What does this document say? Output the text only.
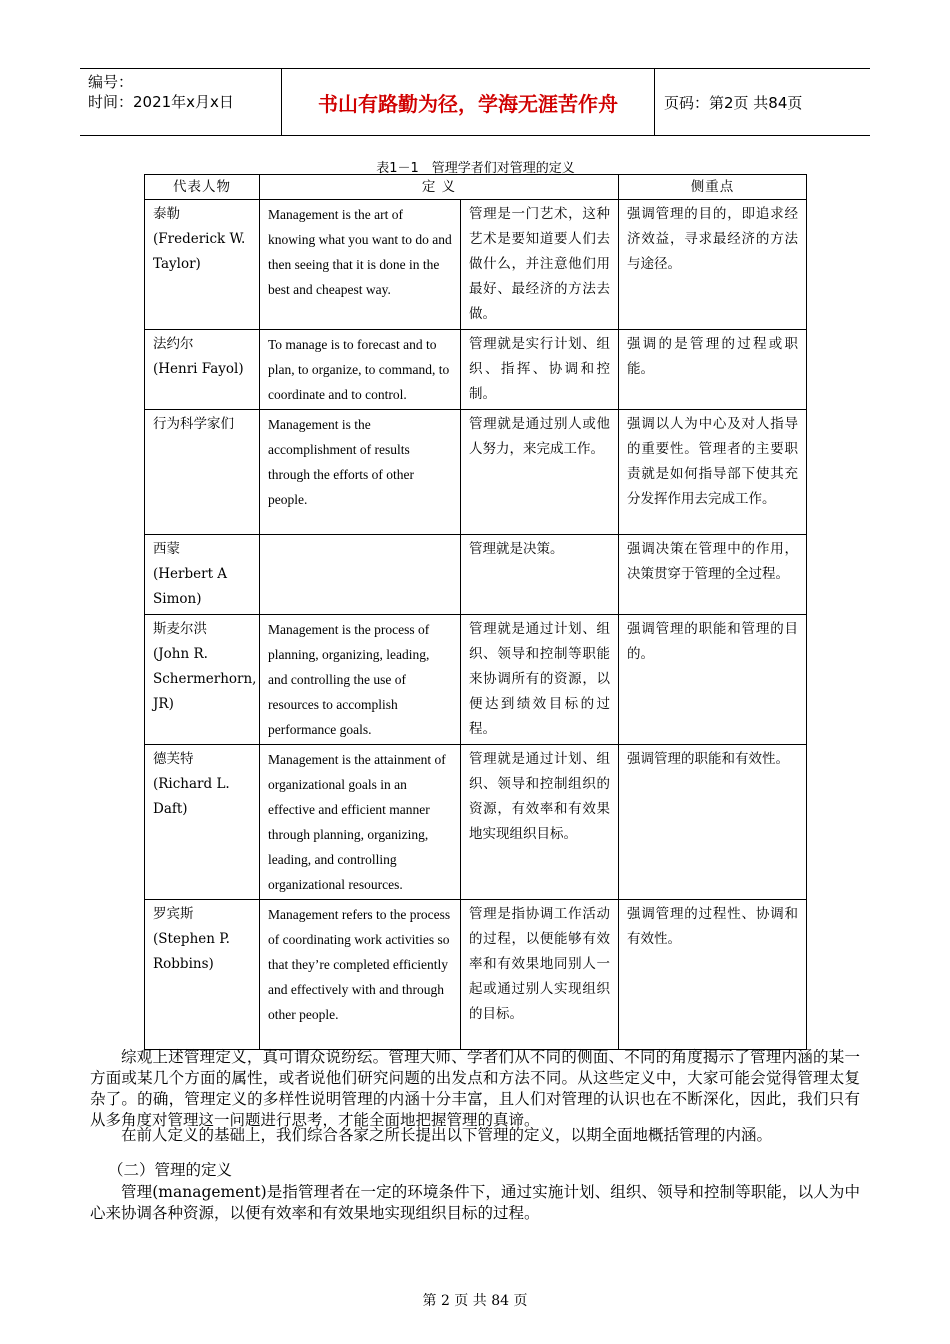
编号：
时间：2021年x月x日	书山有路勤为径，学海无涯苦作舟	页码：第2页 共84页
表1－1　管理学者们对管理的定义
代表人物	定 义		侧重点
泰勒
(Frederick W. Taylor)	Management is the art of knowing what you want to do and then seeing that it is done in the best and cheapest way.	管理是一门艺术，这种艺术是要知道要人们去做什么，并注意他们用最好、最经济的方法去做。	强调管理的目的，即追求经济效益，寻求最经济的方法与途径。
法约尔
(Henri Fayol)	To manage is to forecast and to plan, to organize, to command, to coordinate and to control.	管理就是实行计划、组织、指挥、协调和控制。	强调的是管理的过程或职能。
行为科学家们	Management is the accomplishment of results through the efforts of other people.	管理就是通过别人或他人努力，来完成工作。	强调以人为中心及对人指导的重要性。管理者的主要职责就是如何指导部下使其充分发挥作用去完成工作。
西蒙
(Herbert A Simon)		管理就是决策。	强调决策在管理中的作用，决策贯穿于管理的全过程。
斯麦尔洪
(John R. Schermerhorn, JR)	Management is the process of planning, organizing, leading, and controlling the use of resources to accomplish performance goals.	管理就是通过计划、组织、领导和控制等职能来协调所有的资源，以便达到绩效目标的过程。	强调管理的职能和管理的目的。
德芙特
(Richard L. Daft)	Management is the attainment of organizational goals in an effective and efficient manner through planning, organizing, leading, and controlling organizational resources.	管理就是通过计划、组织、领导和控制组织的资源，有效率和有效果地实现组织目标。	强调管理的职能和有效性。
罗宾斯
(Stephen P. Robbins)	Management refers to the process of coordinating work activities so that they’re completed efficiently and effectively with and through other people.	管理是指协调工作活动的过程，以便能够有效率和有效果地同别人一起或通过别人实现组织的目标。	强调管理的过程性、协调和有效性。
综观上述管理定义，真可谓众说纷纭。管理大师、学者们从不同的侧面、不同的角度揭示了管理内涵的某一方面或某几个方面的属性，或者说他们研究问题的出发点和方法不同。从这些定义中，大家可能会觉得管理太复杂了。的确，管理定义的多样性说明管理的内涵十分丰富，且人们对管理的认识也在不断深化，因此，我们只有从多角度对管理这一问题进行思考，才能全面地把握管理的真谛。
在前人定义的基础上，我们综合各家之所长提出以下管理的定义，以期全面地概括管理的内涵。
（二）管理的定义
管理(management)是指管理者在一定的环境条件下，通过实施计划、组织、领导和控制等职能，以人为中心来协调各种资源，以便有效率和有效果地实现组织目标的过程。
第 2 页 共 84 页
